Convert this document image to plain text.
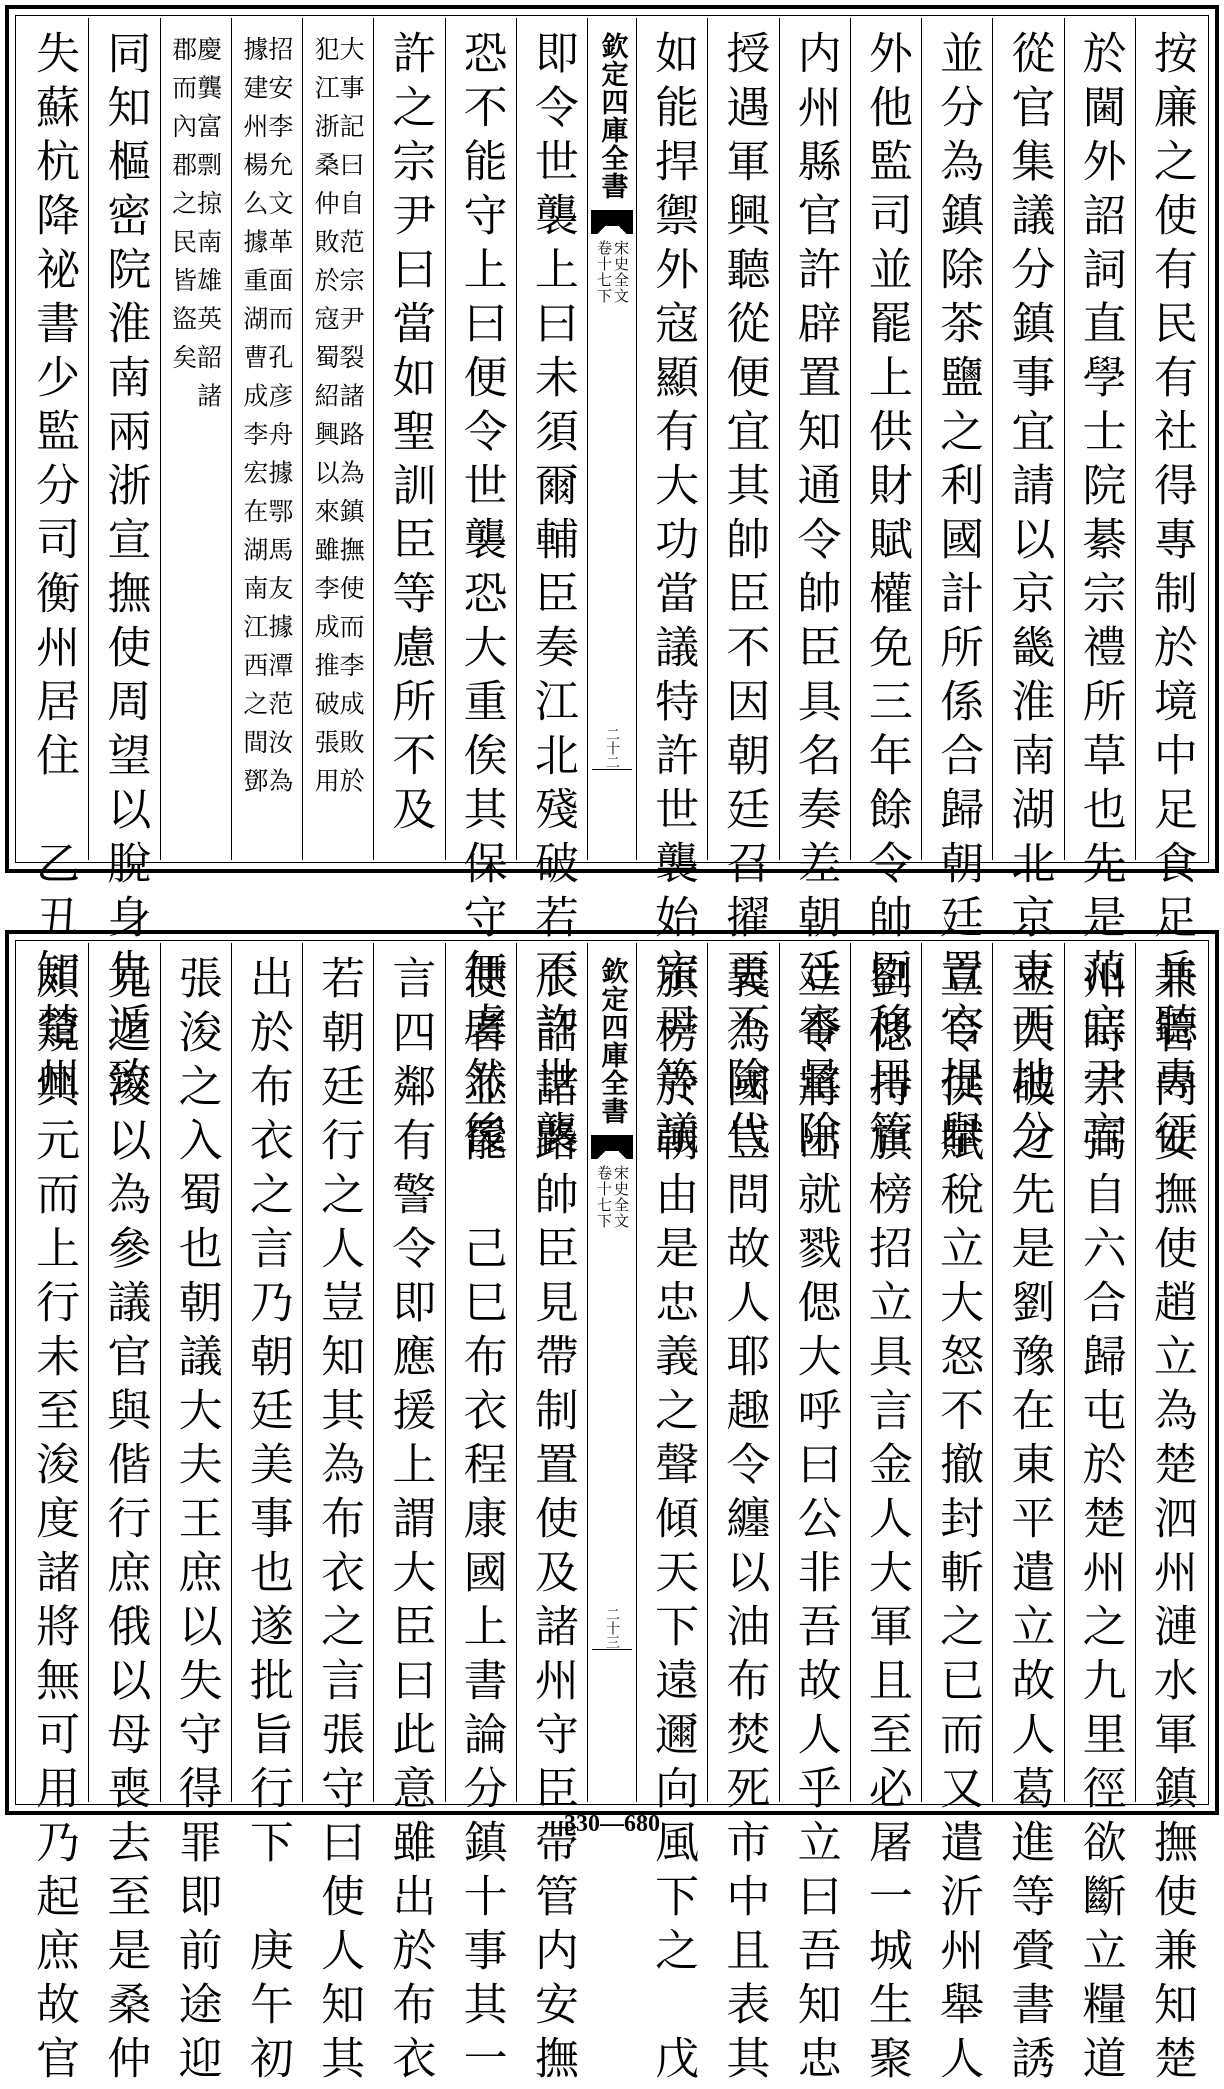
按廉之使有民有社得專制於境中足食足兵聽專征
於閫外詔詞直學士院綦宗禮所草也先是范宗尹言
從官集議分鎮事宜請以京畿淮南湖北京東西地分
並分為鎮除茶鹽之利國計所係合歸朝廷置官提舉
外他監司並罷上供財賦權免三年餘令帥臣移用管
内州縣官許辟置知通令帥臣具名奏差朝廷審量除
授遇軍興聽從便宜其帥臣不因朝廷召擢更不除代
如能捍禦外寇顯有大功當議特許世襲始宗尹等議
欽定四庫全書
宋史全文
卷十七下
二十二
即令世襲上曰未須爾輔臣奏江北殘破若不許世襲
恐不能守上曰便令世襲恐大重俟其保守無虞然後
許之宗尹曰當如聖訓臣等慮所不及
大事記曰自范宗尹裂諸路為鎮撫使而李成敗於
犯江浙桑仲敗於寇蜀紹興以來雖李成推破張用
招安李允文革面而孔彦舟據鄂馬友據潭范汝為
據建州楊么據重湖曹成李宏在湖南江西之間鄧
慶龔富剽掠南雄英韶諸
郡而內郡之民皆盜矣
同知樞密院淮南兩浙宣撫使周望以脫身先遁致
失蘇杭降祕書少監分司衡州居住　乙丑知楚州
兼管内安撫使趙立為楚泗州漣水軍鎮撫使兼知楚
州時宗弼自六合歸屯於楚州之九里徑欲斷立糧道
立大破之先是劉豫在東平遣立故人葛進等賫書誘
立令供賦稅立大怒不撤封斬之已而又遣沂州舉人
劉偲持旗榜招立具言金人大軍且至必屠一城生聚
立令將出就戮偲大呼曰公非吾故人乎立曰吾知忠
義為國豈問故人耶趣令纏以油布焚死市中且表其
旗榜於朝由是忠義之聲傾天下遠邇向風下之　戊
欽定四庫全書
宋史全文
卷十七下
二十三
辰詔諸路帥臣見帶制置使及諸州守臣帶管内安撫
使者並罷　己巳布衣程康國上書論分鎮十事其一
言四鄰有警令即應援上謂大臣曰此意雖出於布衣
若朝廷行之人豈知其為布衣之言張守曰使人知其
出於布衣之言乃朝廷美事也遂批旨行下　庚午初
張浚之入蜀也朝議大夫王庶以失守得罪即前途迎
見之浚以為參議官與偕行庶俄以母喪去至是桑仲
頗窺興元而上行未至浚度諸將無可用乃起庶故官	330—680
